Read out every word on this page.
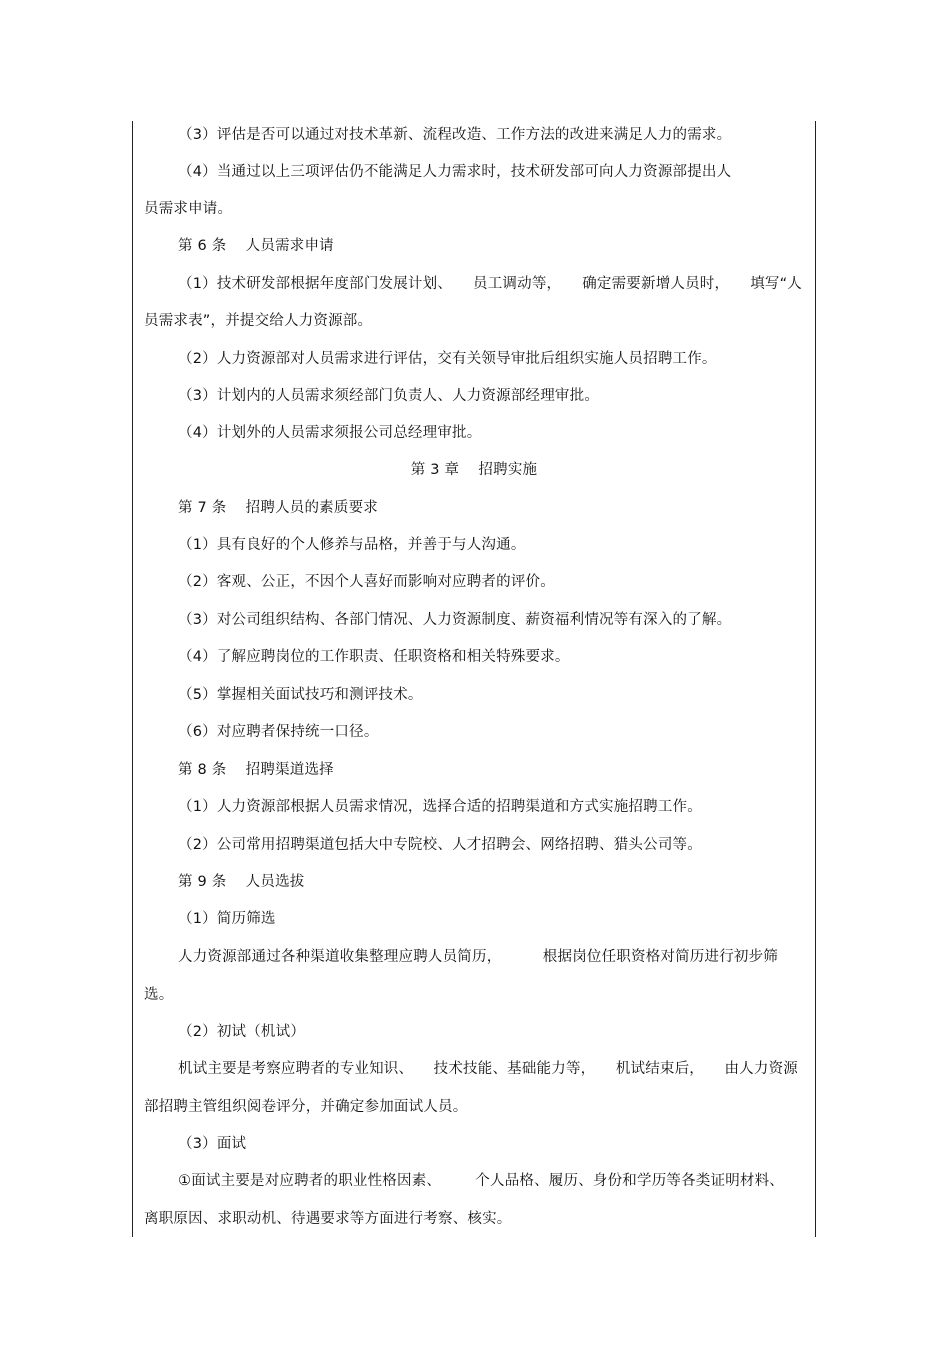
（3）评估是否可以通过对技术革新、流程改造、工作方法的改进来满足人力的需求。
（4）当通过以上三项评估仍不能满足人力需求时，技术研发部可向人力资源部提出人
员需求申请。
第 6 条    人员需求申请
（1）技术研发部根据年度部门发展计划、 员工调动等， 确定需要新增人员时， 填写“人
员需求表”，并提交给人力资源部。
（2）人力资源部对人员需求进行评估，交有关领导审批后组织实施人员招聘工作。
（3）计划内的人员需求须经部门负责人、人力资源部经理审批。
（4）计划外的人员需求须报公司总经理审批。
第 3 章    招聘实施
第 7 条    招聘人员的素质要求
（1）具有良好的个人修养与品格，并善于与人沟通。
（2）客观、公正，不因个人喜好而影响对应聘者的评价。
（3）对公司组织结构、各部门情况、人力资源制度、薪资福利情况等有深入的了解。
（4）了解应聘岗位的工作职责、任职资格和相关特殊要求。
（5）掌握相关面试技巧和测评技术。
（6）对应聘者保持统一口径。
第 8 条    招聘渠道选择
（1）人力资源部根据人员需求情况，选择合适的招聘渠道和方式实施招聘工作。
（2）公司常用招聘渠道包括大中专院校、人才招聘会、网络招聘、猎头公司等。
第 9 条    人员选拔
（1）简历筛选
人力资源部通过各种渠道收集整理应聘人员简历，	根据岗位任职资格对简历进行初步筛
选。
（2）初试（机试）
机试主要是考察应聘者的专业知识、 技术技能、基础能力等， 机试结束后， 由人力资源
部招聘主管组织阅卷评分，并确定参加面试人员。
（3）面试
①面试主要是对应聘者的职业性格因素、 个人品格、履历、身份和学历等各类证明材料、
离职原因、求职动机、待遇要求等方面进行考察、核实。
